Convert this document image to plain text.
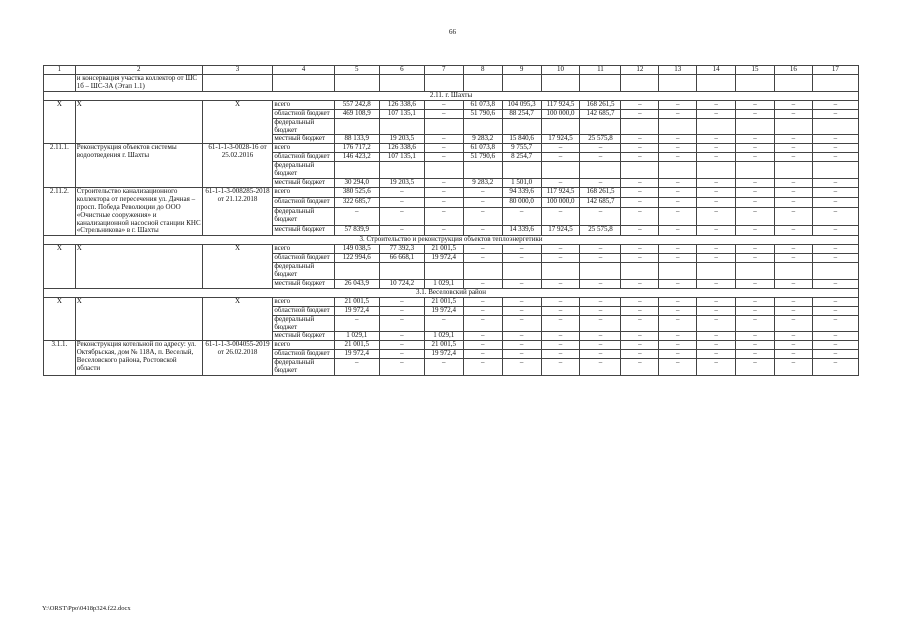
66
1	2	3	4	5	6	7	8	9	10	11	12	13	14	15	16	17
	и консервация участка коллектор от ШС 1б – ШС-3А (Этап 1.1)															
2.11. г. Шахты																
Х	Х	Х	всего	557 242,8	126 338,6	–	61 073,8	104 095,3	117 924,5	168 261,5	–	–	–	–	–	–
			областной бюджет	469 108,9	107 135,1	–	51 790,6	88 254,7	100 000,0	142 685,7	–	–	–	–	–	–
			федеральный бюджет													
			местный бюджет	88 133,9	19 203,5	–	9 283,2	15 840,6	17 924,5	25 575,8	–	–	–	–	–	–
2.11.1.	Реконструкция объектов системы водоотведения г. Шахты	61-1-1-3-0028-16 от 25.02.2016	всего	176 717,2	126 338,6	–	61 073,8	9 755,7	–	–	–	–	–	–	–	–
			областной бюджет	146 423,2	107 135,1	–	51 790,6	8 254,7	–	–	–	–	–	–	–	–
			федеральный бюджет													
			местный бюджет	30 294,0	19 203,5	–	9 283,2	1 501,0	–	–	–	–	–	–	–	–
2.11.2.	Строительство канализационного коллектора от пересечения ул. Дачная – просп. Победа Революции до ООО «Очистные сооружения» и канализационной насосной станции КНС «Стрельникова» в г. Шахты	61-1-1-3-008285-2018 от 21.12.2018	всего	380 525,6	–	–	–	94 339,6	117 924,5	168 261,5	–	–	–	–	–	–
			областной бюджет	322 685,7	–	–	–	80 000,0	100 000,0	142 685,7	–	–	–	–	–	–
			федеральный бюджет	–	–	–	–	–	–	–	–	–	–	–	–	–
			местный бюджет	57 839,9	–	–	–	14 339,6	17 924,5	25 575,8	–	–	–	–	–	–
3. Строительство и реконструкция объектов теплоэнергетики																
Х	Х	Х	всего	149 038,5	77 392,3	21 001,5	–	–	–	–	–	–	–	–	–	–
			областной бюджет	122 994,6	66 668,1	19 972,4	–	–	–	–	–	–	–	–	–	–
			федеральный бюджет													
			местный бюджет	26 043,9	10 724,2	1 029,1	–	–	–	–	–	–	–	–	–	–
3.1. Веселовский район																
Х	Х	Х	всего	21 001,5	–	21 001,5	–	–	–	–	–	–	–	–	–	–
			областной бюджет	19 972,4	–	19 972,4	–	–	–	–	–	–	–	–	–	–
			федеральный бюджет	–	–	–	–	–	–	–	–	–	–	–	–	–
			местный бюджет	1 029,1	–	1 029,1	–	–	–	–	–	–	–	–	–	–
3.1.1.	Реконструкция котельной по адресу: ул. Октябрьская, дом № 118А, п. Веселый, Веселовского района, Ростовской области	61-1-1-3-004055-2019 от 26.02.2018	всего	21 001,5	–	21 001,5	–	–	–	–	–	–	–	–	–	–
			областной бюджет	19 972,4	–	19 972,4	–	–	–	–	–	–	–	–	–	–
			федеральный бюджет	–	–	–	–	–	–	–	–	–	–	–	–	–
Y:\ORST\Ppo\0418p324.f22.docx
